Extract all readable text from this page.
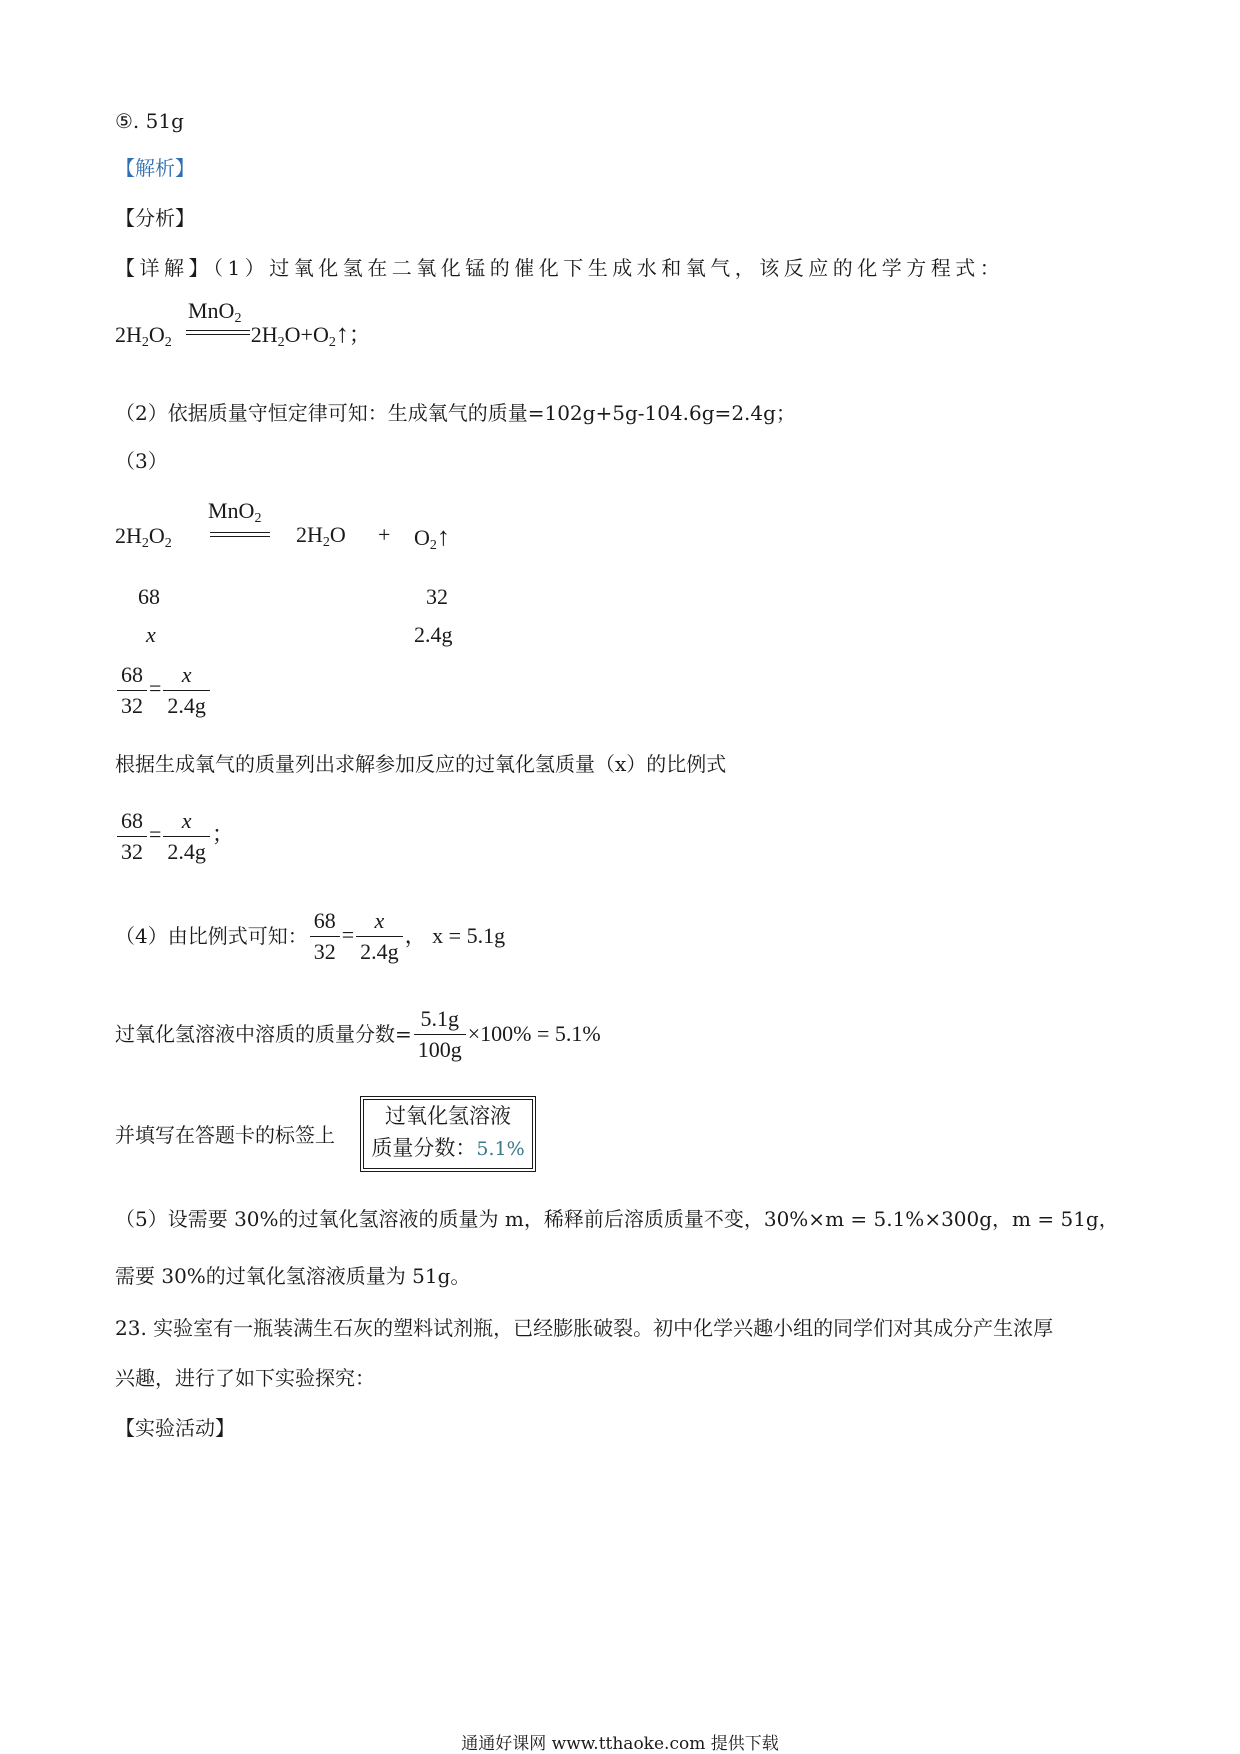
⑤. 51g
【解析】
【分析】
【详解】（1）过氧化氢在二氧化锰的催化下生成水和氧气，该反应的化学方程式：
$2H_2O_2$	$2H_2O+O_2↑$；
MnO$_2$
（2）依据质量守恒定律可知：生成氧气的质量=102g+5g-104.6g=2.4g；
（3）
$2H_2O_2$
MnO$_2$
$2H_2O$ + $O_2↑$
68	32
x	2.4g
$\frac{68}{32} = \frac{x}{2.4g}$
根据生成氧气的质量列出求解参加反应的过氧化氢质量（x）的比例式
$\frac{68}{32} = \frac{x}{2.4g}$ ；
（4）由比例式可知： $\frac{68}{32} = \frac{x}{2.4g}$ ， x = 5.1g
过氧化氢溶液中溶质的质量分数= $\frac{5.1g}{100g} \times 100\% = 5.1\%$
并填写在答题卡的标签上
过氧化氢溶液
质量分数：5.1%
（5）设需要 30%的过氧化氢溶液的质量为 m，稀释前后溶质质量不变，30%×m = 5.1%×300g，m = 51g，
需要 30%的过氧化氢溶液质量为 51g。
23. 实验室有一瓶装满生石灰的塑料试剂瓶，已经膨胀破裂。初中化学兴趣小组的同学们对其成分产生浓厚
兴趣，进行了如下实验探究：
【实验活动】
通通好课网 www.tthaoke.com 提供下载
